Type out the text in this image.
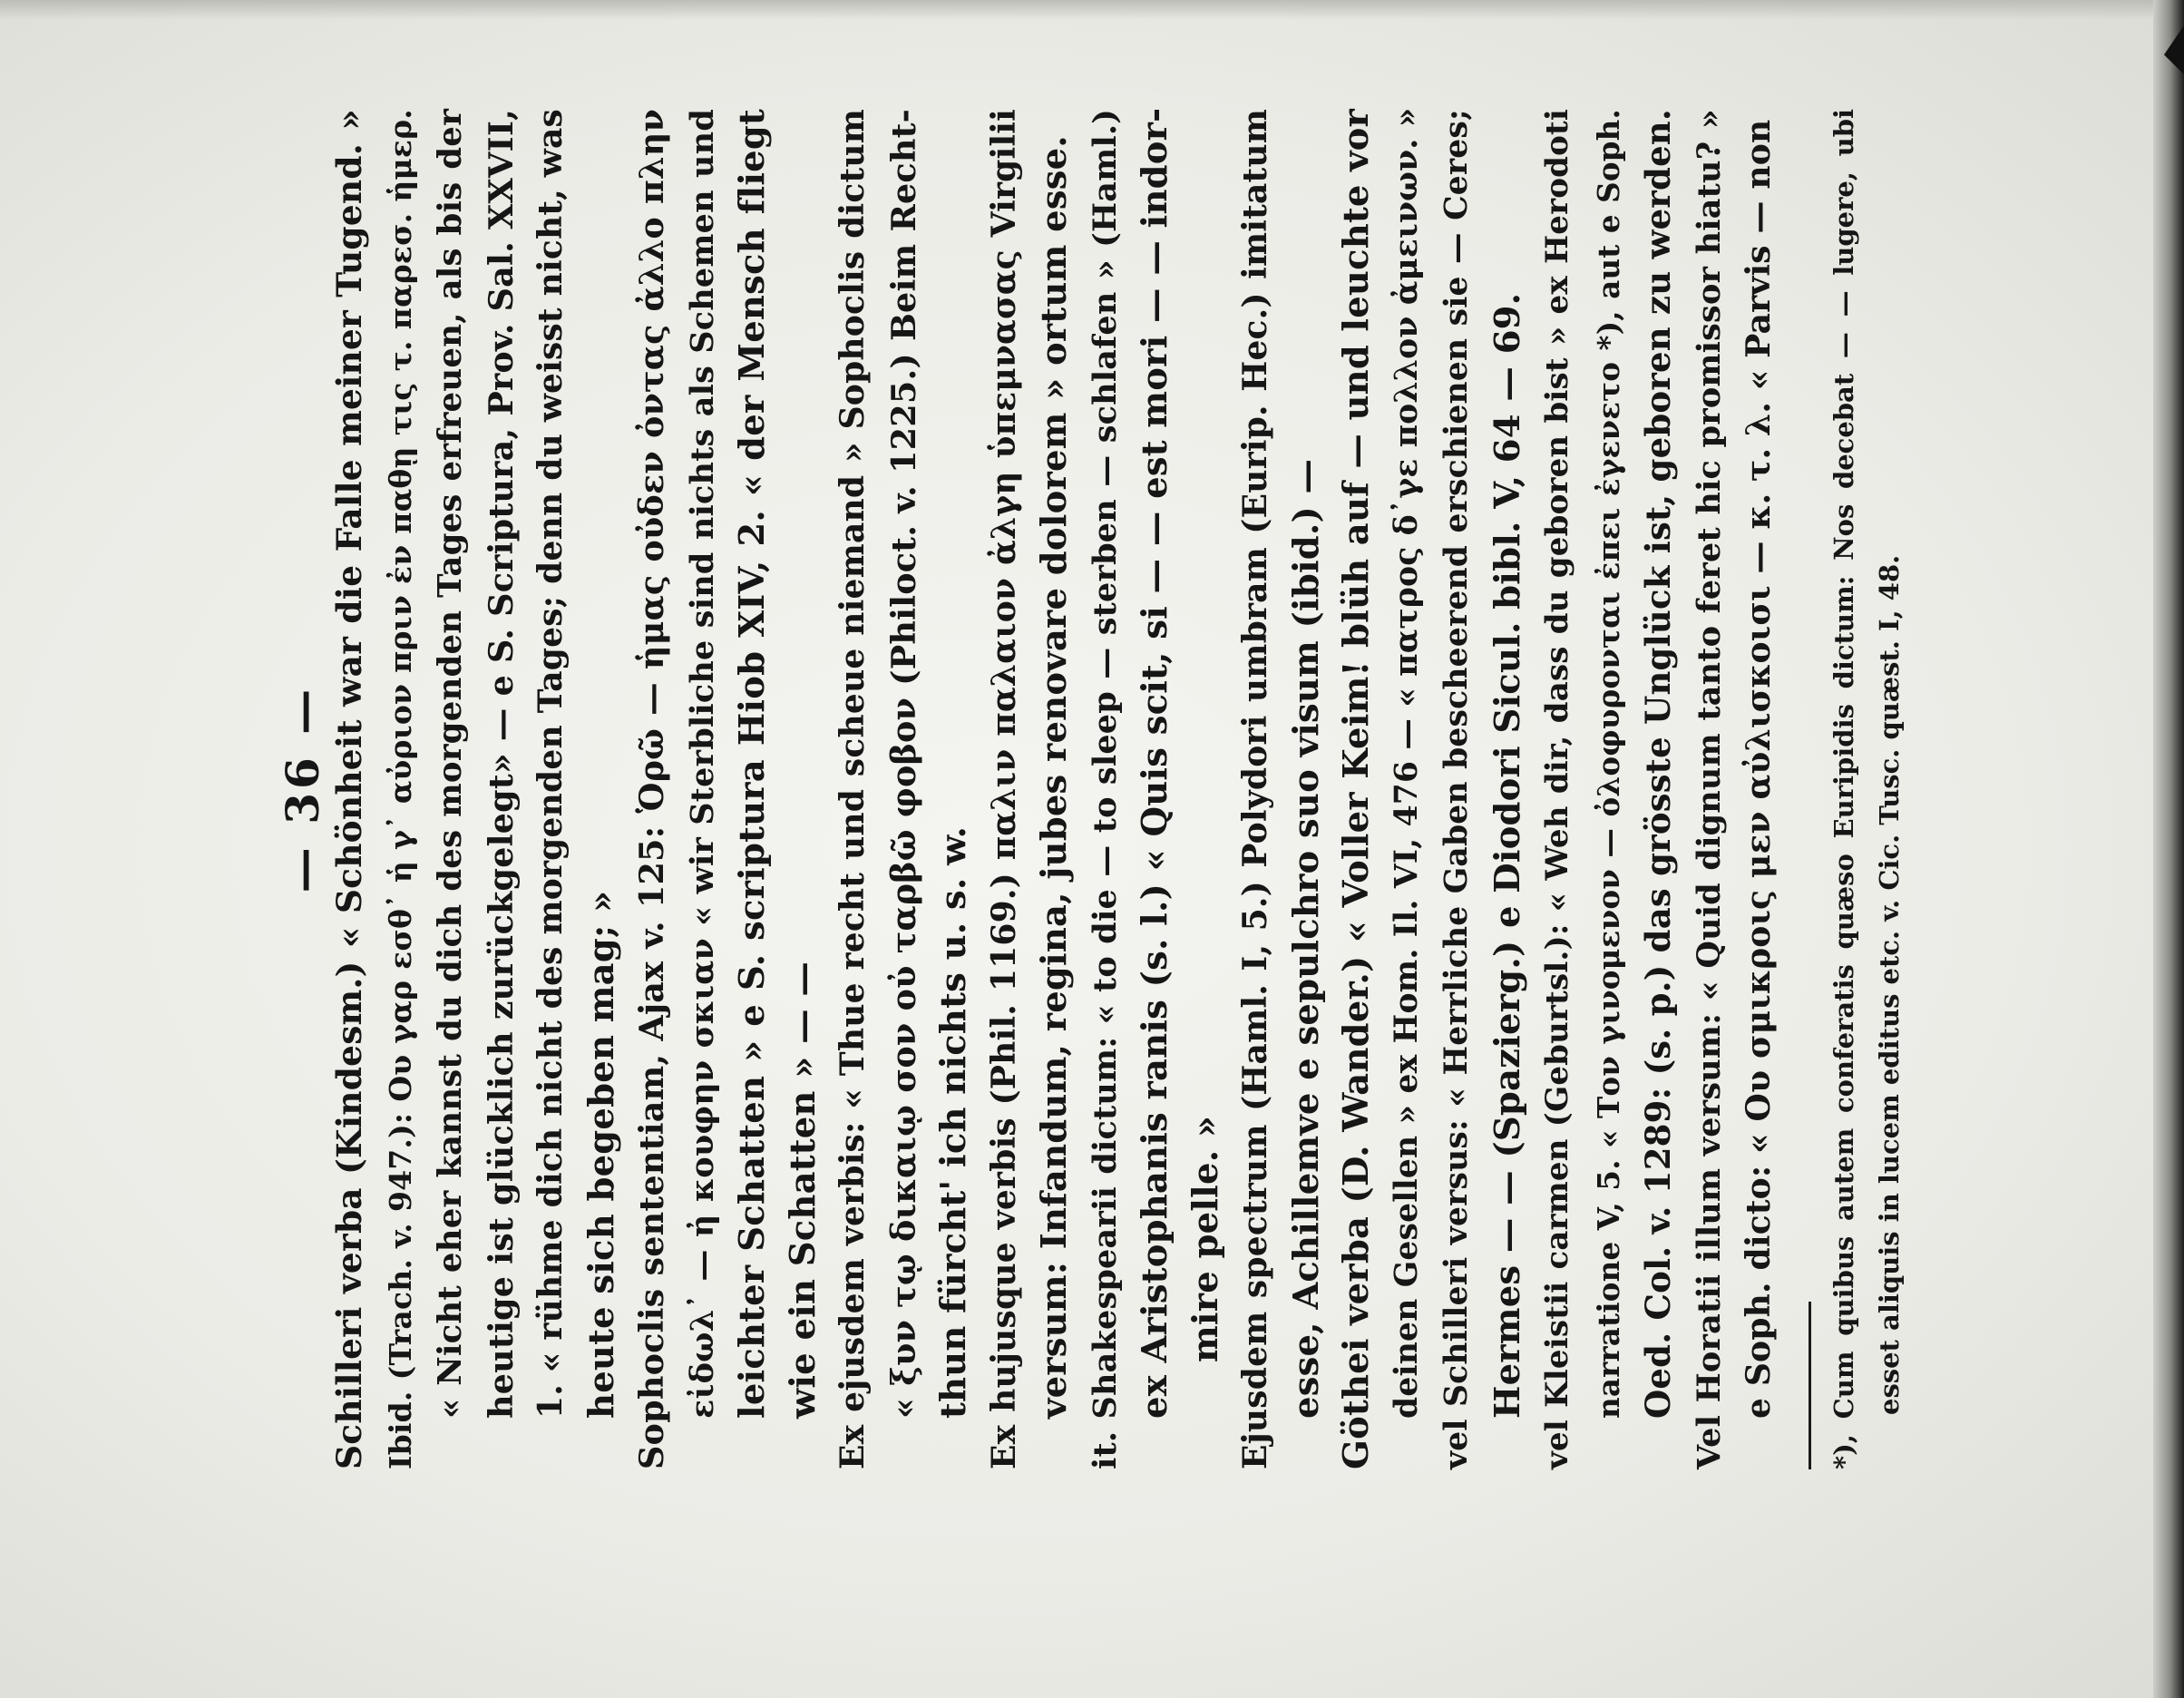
— 36 — Schilleri verba (Kindesm.) « Schönheit war die Falle meiner Tugend. » Ibid. (Trach. v. 947.): Ου γαρ εσθ᾿ ἡ γ᾿ αὐριον πριν ἐν παθῃ τις τ. παρεσ. ἡμερ. « Nicht eher kannst du dich des morgenden Tages erfreuen, als bis der heutige ist glücklich zurückgelegt» — e S. Scriptura, Prov. Sal. XXVII, 1. « rühme dich nicht des morgenden Tages; denn du weisst nicht, was heute sich begeben mag; » Sophoclis sententiam, Ajax v. 125: Ὁρῶ — ἡμας οὐδεν ὀντας ἀλλο πλην εἰδωλ᾿ — ἠ κουφην σκιαν « wir Sterbliche sind nichts als Schemen und leichter Schatten » e S. scriptura Hiob XIV, 2. « der Mensch fliegt wie ein Schatten » — — Ex ejusdem verbis: « Thue recht und scheue niemand » Sophoclis dictum « ξυν τῳ δικαιῳ σον οὐ ταρβῶ φοβον (Philoct. v. 1225.) Beim Recht- thun fürcht' ich nichts u. s. w. Ex hujusque verbis (Phil. 1169.) παλιν παλαιον ἀλγη ὑπεμνασας Virgilii versum: Infandum, regina, jubes renovare dolorem » ortum esse. it. Shakespearii dictum: « to die — to sleep — sterben — schlafen » (Haml.) ex Aristophanis ranis (s. l.) « Quis scit, si — — est mori — — indor- mire pelle. » Ejusdem spectrum (Haml. I, 5.) Polydori umbram (Eurip. Hec.) imitatum esse, Achillemve e sepulchro suo visum (ibid.) — Göthei verba (D. Wander.) « Voller Keim! blüh auf — und leuchte vor deinen Gesellen » ex Hom. Il. VI, 476 — « πατρος δ᾿γε πολλον ἀμεινων. » vel Schilleri versus: « Herrliche Gaben bescheerend erschienen sie — Ceres; Hermes — — (Spazierg.) e Diodori Sicul. bibl. V, 64 — 69. vel Kleistii carmen (Geburtsl.): « Weh dir, dass du geboren bist » ex Herodoti narratione V, 5. « Τον γινομενον — ὀλοφυρονται ἐπει ἐγενετο *), aut e Soph. Oed. Col. v. 1289: (s. p.) das grösste Unglück ist, geboren zu werden. Vel Horatii illum versum: « Quid dignum tanto feret hic promissor hiatu? » e Soph. dicto: « Ου σμικροις μεν αὐλισκοισι — κ. τ. λ. « Parvis — non *), Cum quibus autem conferatis quæso Euripidis dictum: Nos decebat — — lugere, ubi esset aliquis in lucem editus etc. v. Cic. Tusc. quæst. I, 48.
